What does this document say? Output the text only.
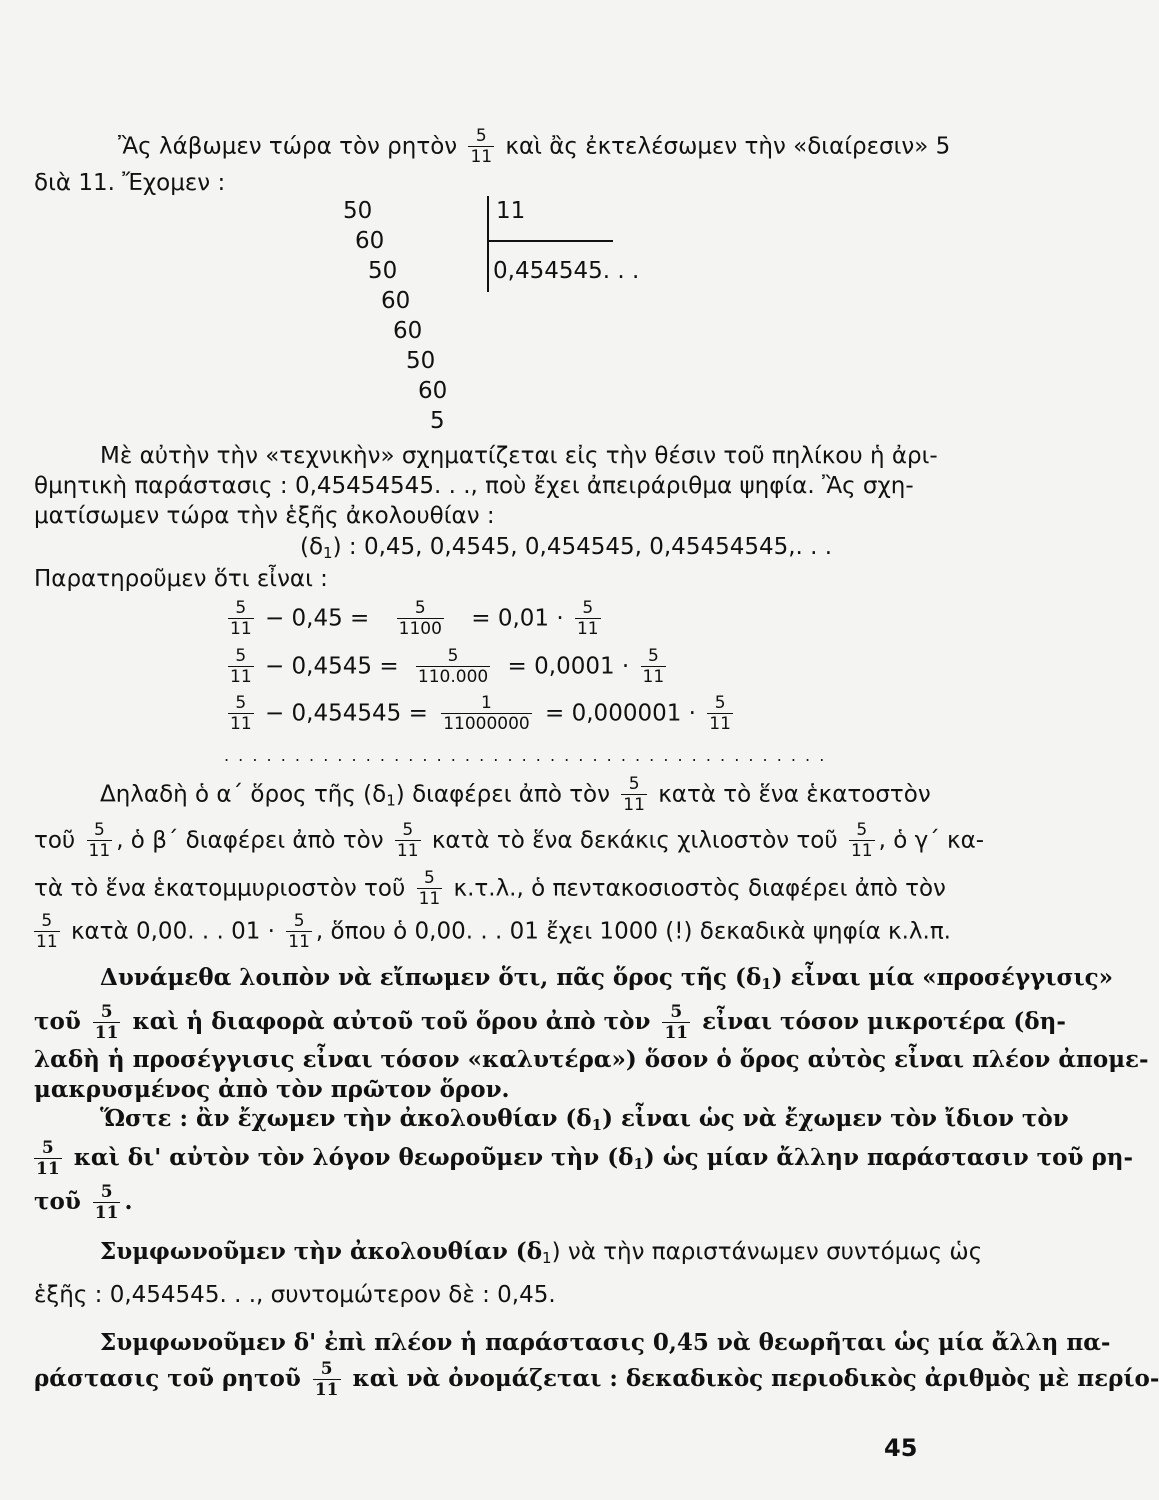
Ἂς λάβωμεν τώρα τὸν ρητὸν $\frac{5}{11}$ καὶ ἂς ἐκτελέσωμεν τὴν «διαίρεσιν» 5
διὰ 11. Ἔχομεν :
11
0,454545. . .
50
60
50
60
60
50
60
5
Μὲ αὐτὴν τὴν «τεχνικὴν» σχηματίζεται εἰς τὴν θέσιν τοῦ πηλίκου ἡ ἀρι-
θμητικὴ παράστασις : 0,45454545. . ., ποὺ ἔχει ἀπειράριθμα ψηφία. Ἂς σχη-
ματίσωμεν τώρα τὴν ἑξῆς ἀκολουθίαν :
$(\delta_1)$ : 0,45, 0,4545, 0,454545, 0,45454545,. . .
Παρατηροῦμεν ὅτι εἶναι :
$\frac{5}{11} - 0,45 = \frac{5}{1100} = 0,01 \cdot \frac{5}{11}$
$\frac{5}{11} - 0,4545 = \frac{5}{110.000} = 0,0001 \cdot \frac{5}{11}$
$\frac{5}{11} - 0,454545 = \frac{1}{11000000} = 0,000001 \cdot \frac{5}{11}$
. . . . . . . . . . . . . . . . . . . . . . . . . . . . . . . . . . . . . . . . . . .
Δηλαδὴ ὁ α΄ ὅρος τῆς $(\delta_1)$ διαφέρει ἀπὸ τὸν $\frac{5}{11}$ κατὰ τὸ ἕνα ἑκατοστὸν
τοῦ $\frac{5}{11}$ , ὁ β΄ διαφέρει ἀπὸ τὸν $\frac{5}{11}$ κατὰ τὸ ἕνα δεκάκις χιλιοστὸν τοῦ $\frac{5}{11}$ , ὁ γ΄ κα-
τὰ τὸ ἕνα ἑκατομμυριοστὸν τοῦ $\frac{5}{11} \kappa.\tau.\lambda$., ὁ πεντακοσιοστὸς διαφέρει ἀπὸ τὸν
$\frac{5}{11}$ κατὰ 0,00. . . $01 \cdot \frac{5}{11}$ , ὅπου ὁ 0,00. . . 01 ἔχει 1000 (!) δεκαδικὰ ψηφία κ.λ.π.
Δυνάμεθα λοιπὸν νὰ εἴπωμεν ὅτι, πᾶς ὅρος τῆς $(\delta_1)$ εἶναι μία «προσέγγισις»
τοῦ $\frac{5}{11}$ καὶ ἡ διαφορὰ αὐτοῦ τοῦ ὅρου ἀπὸ τὸν $\frac{5}{11}$ εἶναι τόσον μικροτέρα (δη-
λαδὴ ἡ προσέγγισις εἶναι τόσον «καλυτέρα») ὅσον ὁ ὅρος αὐτὸς εἶναι πλέον ἀπομε-
μακρυσμένος ἀπὸ τὸν πρῶτον ὅρον.
Ὥστε : ἂν ἔχωμεν τὴν ἀκολουθίαν $(\delta_1)$ εἶναι ὡς νὰ ἔχωμεν τὸν ἴδιον τὸν
$\frac{5}{11}$ καὶ δι' αὐτὸν τὸν λόγον θεωροῦμεν τὴν $(\delta_1)$ ὡς μίαν ἄλλην παράστασιν τοῦ ρη-
τοῦ $\frac{5}{11}$ .
Συμφωνοῦμεν τὴν ἀκολουθίαν $(\delta_1)$ νὰ τὴν παριστάνωμεν συντόμως ὡς
ἑξῆς : 0,454545. . ., συντομώτερον δὲ : 0,45.
Συμφωνοῦμεν δ' ἐπὶ πλέον ἡ παράστασις 0,45 νὰ θεωρῆται ὡς μία ἄλλη πα-
ράστασις τοῦ ρητοῦ $\frac{5}{11}$ καὶ νὰ ὀνομάζεται : δεκαδικὸς περιοδικὸς ἀριθμὸς μὲ περίο-
45
